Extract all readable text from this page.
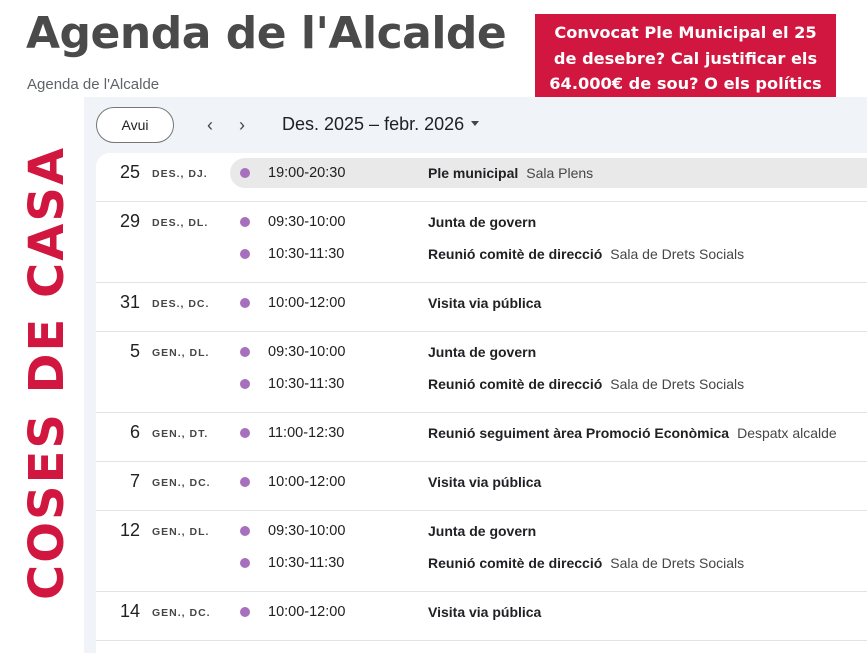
Agenda de l'Alcalde
Agenda de l'Alcalde
Convocat Ple Municipal el 25 de desebre? Cal justificar els 64.000€ de sou? O els polítics
Avui	‹	›	Des. 2025 – febr. 2026
25 DES., DJ.	19:00-20:30	Ple municipal Sala Plens
29 DES., DL.	09:30-10:00	Junta de govern
10:30-11:30	Reunió comitè de direcció Sala de Drets Socials
31 DES., DC.	10:00-12:00	Visita via pública
5 GEN., DL.	09:30-10:00	Junta de govern
10:30-11:30	Reunió comitè de direcció Sala de Drets Socials
6 GEN., DT.	11:00-12:30	Reunió seguiment àrea Promoció Econòmica Despatx alcalde
7 GEN., DC.	10:00-12:00	Visita via pública
12 GEN., DL.	09:30-10:00	Junta de govern
10:30-11:30	Reunió comitè de direcció Sala de Drets Socials
14 GEN., DC.	10:00-12:00	Visita via pública
COSES DE CASA
